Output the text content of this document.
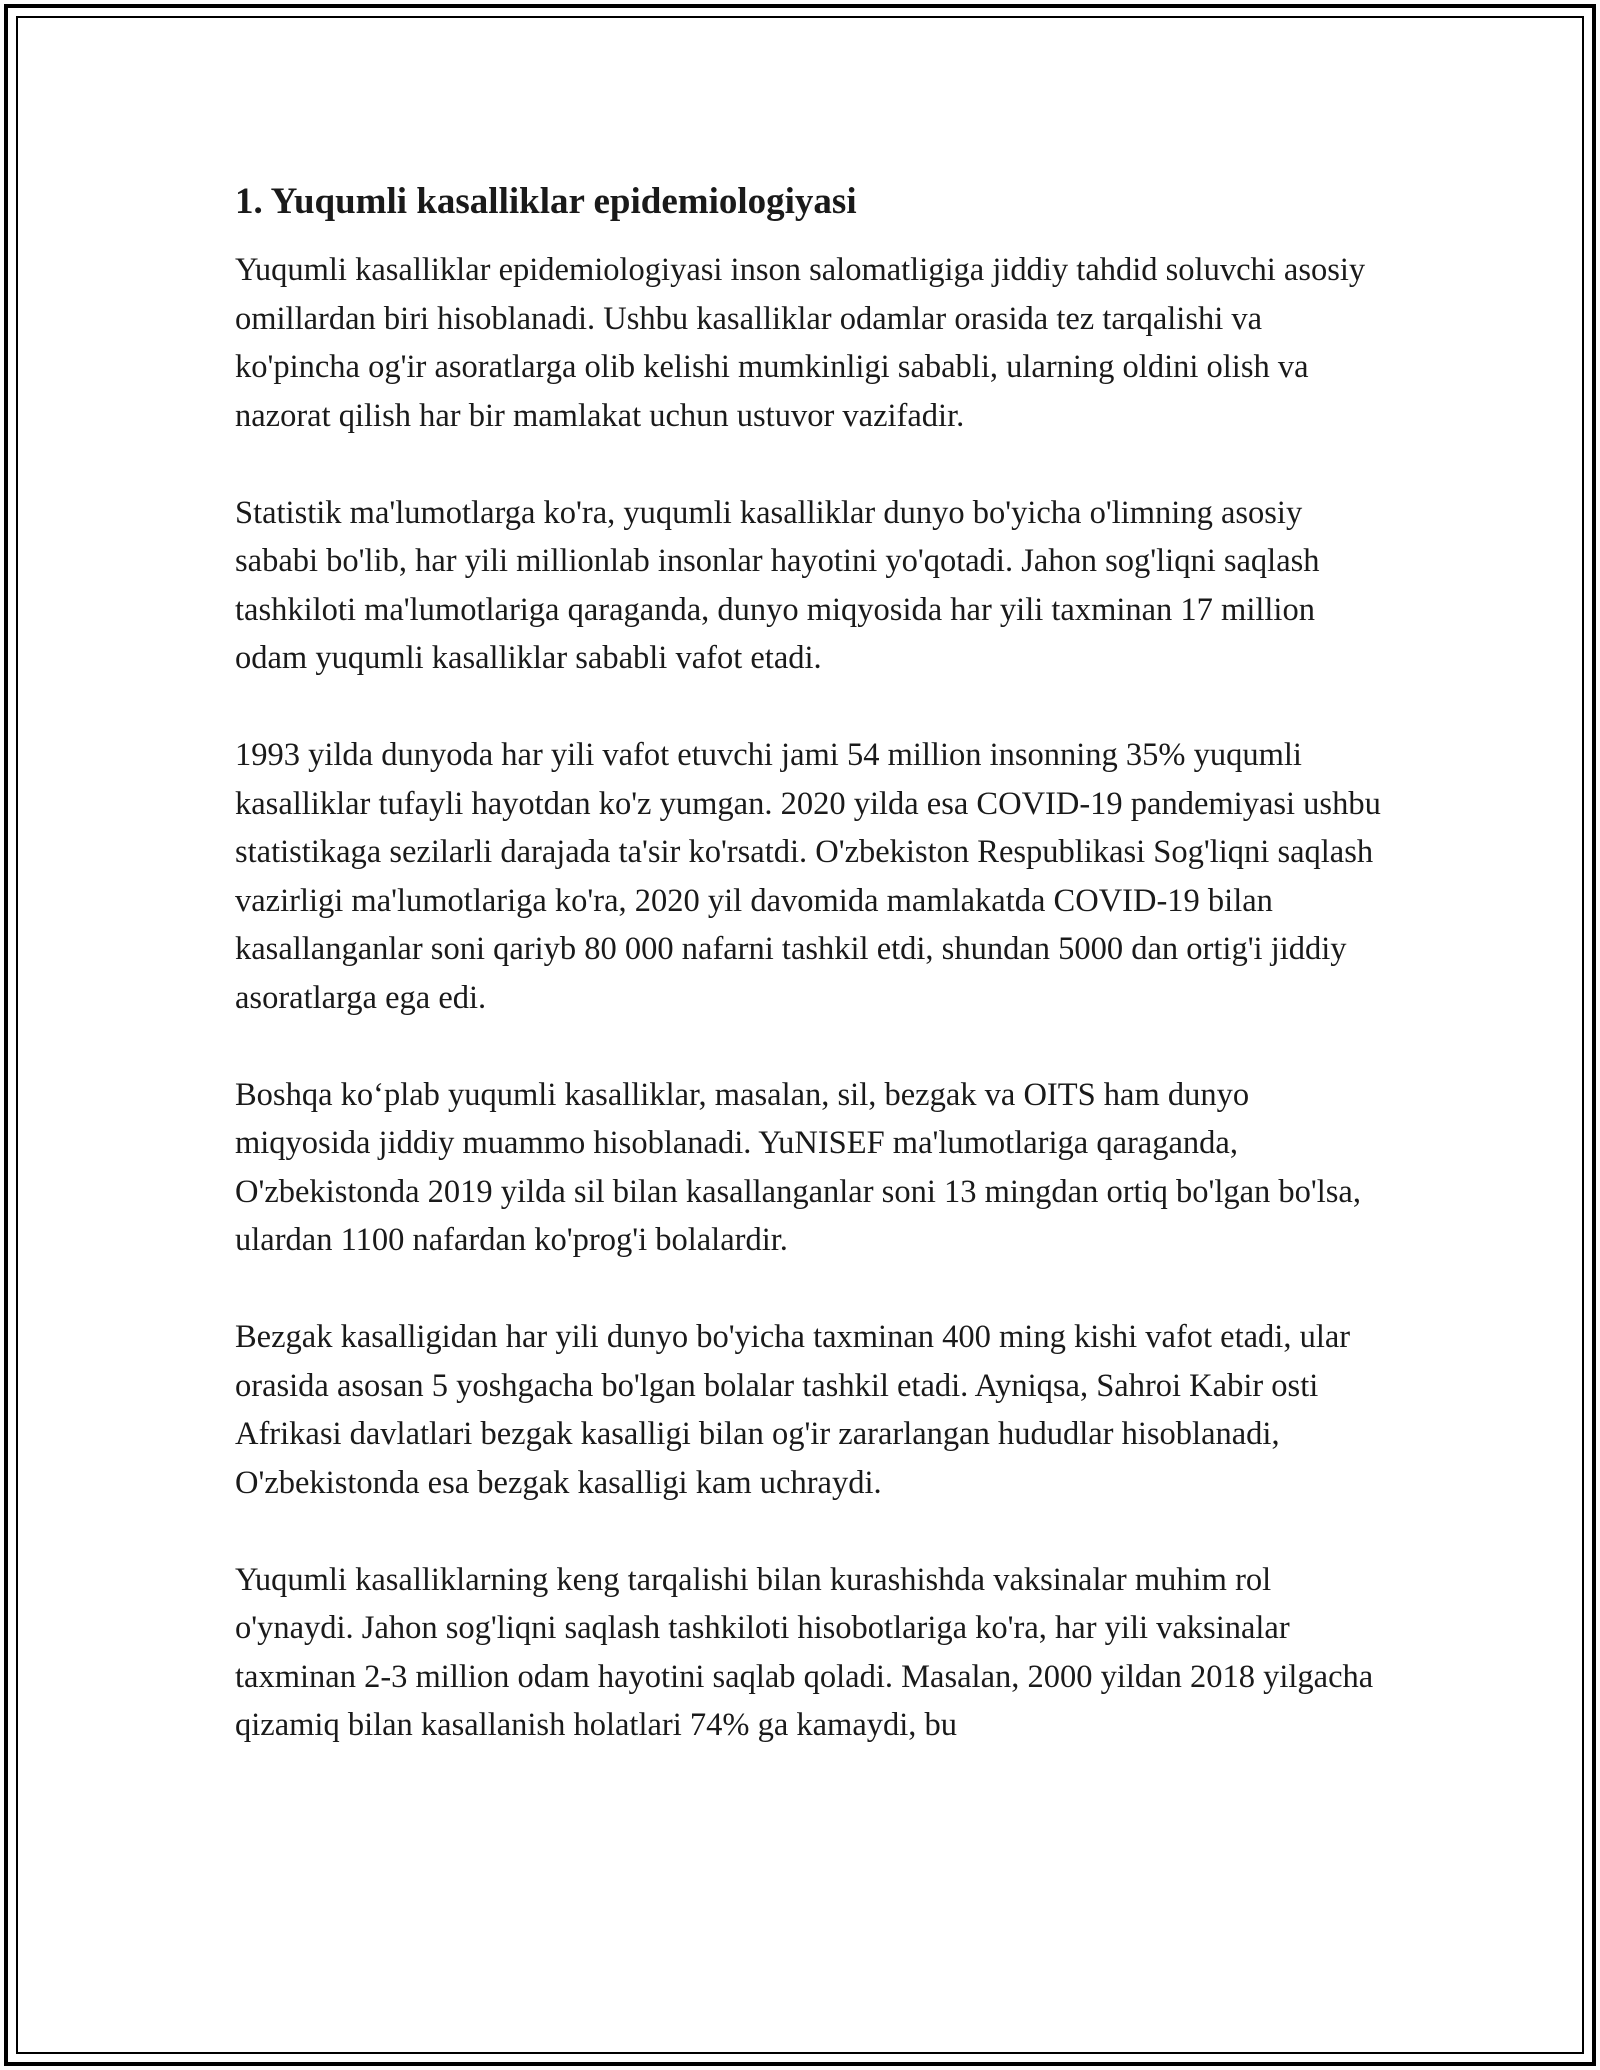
1. Yuqumli kasalliklar epidemiologiyasi

Yuqumli kasalliklar epidemiologiyasi inson salomatligiga jiddiy tahdid soluvchi asosiy omillardan biri hisoblanadi. Ushbu kasalliklar odamlar orasida tez tarqalishi va ko'pincha og'ir asoratlarga olib kelishi mumkinligi sababli, ularning oldini olish va nazorat qilish har bir mamlakat uchun ustuvor vazifadir.

Statistik ma'lumotlarga ko'ra, yuqumli kasalliklar dunyo bo'yicha o'limning asosiy sababi bo'lib, har yili millionlab insonlar hayotini yo'qotadi. Jahon sog'liqni saqlash tashkiloti ma'lumotlariga qaraganda, dunyo miqyosida har yili taxminan 17 million odam yuqumli kasalliklar sababli vafot etadi.

1993 yilda dunyoda har yili vafot etuvchi jami 54 million insonning 35% yuqumli kasalliklar tufayli hayotdan ko'z yumgan. 2020 yilda esa COVID-19 pandemiyasi ushbu statistikaga sezilarli darajada ta'sir ko'rsatdi. O'zbekiston Respublikasi Sog'liqni saqlash vazirligi ma'lumotlariga ko'ra, 2020 yil davomida mamlakatda COVID-19 bilan kasallanganlar soni qariyb 80 000 nafarni tashkil etdi, shundan 5000 dan ortig'i jiddiy asoratlarga ega edi.

Boshqa ko‘plab yuqumli kasalliklar, masalan, sil, bezgak va OITS ham dunyo miqyosida jiddiy muammo hisoblanadi. YuNISEF ma'lumotlariga qaraganda, O'zbekistonda 2019 yilda sil bilan kasallanganlar soni 13 mingdan ortiq bo'lgan bo'lsa, ulardan 1100 nafardan ko'prog'i bolalardir.

Bezgak kasalligidan har yili dunyo bo'yicha taxminan 400 ming kishi vafot etadi, ular orasida asosan 5 yoshgacha bo'lgan bolalar tashkil etadi. Ayniqsa, Sahroi Kabir osti Afrikasi davlatlari bezgak kasalligi bilan og'ir zararlangan hududlar hisoblanadi, O'zbekistonda esa bezgak kasalligi kam uchraydi.

Yuqumli kasalliklarning keng tarqalishi bilan kurashishda vaksinalar muhim rol o'ynaydi. Jahon sog'liqni saqlash tashkiloti hisobotlariga ko'ra, har yili vaksinalar taxminan 2-3 million odam hayotini saqlab qoladi. Masalan, 2000 yildan 2018 yilgacha qizamiq bilan kasallanish holatlari 74% ga kamaydi, bu
